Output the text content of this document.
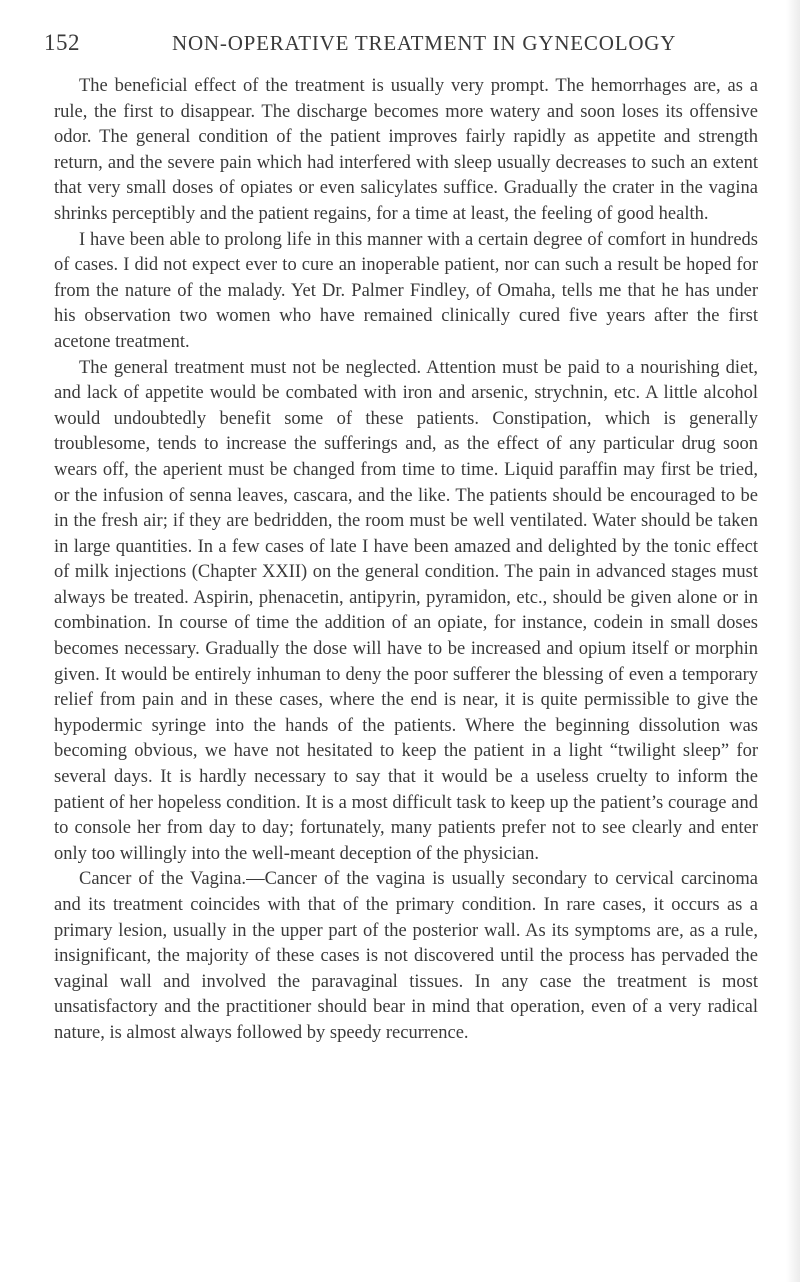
152	NON-OPERATIVE TREATMENT IN GYNECOLOGY

The beneficial effect of the treatment is usually very prompt. The hemorrhages are, as a rule, the first to disappear. The discharge becomes more watery and soon loses its offensive odor. The general condition of the patient improves fairly rapidly as appetite and strength return, and the severe pain which had interfered with sleep usually decreases to such an extent that very small doses of opiates or even salicylates suffice. Gradually the crater in the vagina shrinks perceptibly and the patient regains, for a time at least, the feeling of good health.

I have been able to prolong life in this manner with a certain degree of comfort in hundreds of cases. I did not expect ever to cure an inoperable patient, nor can such a result be hoped for from the nature of the malady. Yet Dr. Palmer Findley, of Omaha, tells me that he has under his observation two women who have remained clinically cured five years after the first acetone treatment.

The general treatment must not be neglected. Attention must be paid to a nourishing diet, and lack of appetite would be combated with iron and arsenic, strychnin, etc. A little alcohol would undoubtedly benefit some of these patients. Constipation, which is generally troublesome, tends to increase the sufferings and, as the effect of any particular drug soon wears off, the aperient must be changed from time to time. Liquid paraffin may first be tried, or the infusion of senna leaves, cascara, and the like. The patients should be encouraged to be in the fresh air; if they are bedridden, the room must be well ventilated. Water should be taken in large quantities. In a few cases of late I have been amazed and delighted by the tonic effect of milk injections (Chapter XXII) on the general condition. The pain in advanced stages must always be treated. Aspirin, phenacetin, antipyrin, pyramidon, etc., should be given alone or in combination. In course of time the addition of an opiate, for instance, codein in small doses becomes necessary. Gradually the dose will have to be increased and opium itself or morphin given. It would be entirely inhuman to deny the poor sufferer the blessing of even a temporary relief from pain and in these cases, where the end is near, it is quite permissible to give the hypodermic syringe into the hands of the patients. Where the beginning dissolution was becoming obvious, we have not hesitated to keep the patient in a light “twilight sleep” for several days. It is hardly necessary to say that it would be a useless cruelty to inform the patient of her hopeless condition. It is a most difficult task to keep up the patient’s courage and to console her from day to day; fortunately, many patients prefer not to see clearly and enter only too willingly into the well-meant deception of the physician.

Cancer of the Vagina.—Cancer of the vagina is usually secondary to cervical carcinoma and its treatment coincides with that of the primary condition. In rare cases, it occurs as a primary lesion, usually in the upper part of the posterior wall. As its symptoms are, as a rule, insignificant, the majority of these cases is not discovered until the process has pervaded the vaginal wall and involved the paravaginal tissues. In any case the treatment is most unsatisfactory and the practitioner should bear in mind that operation, even of a very radical nature, is almost always followed by speedy recurrence.
